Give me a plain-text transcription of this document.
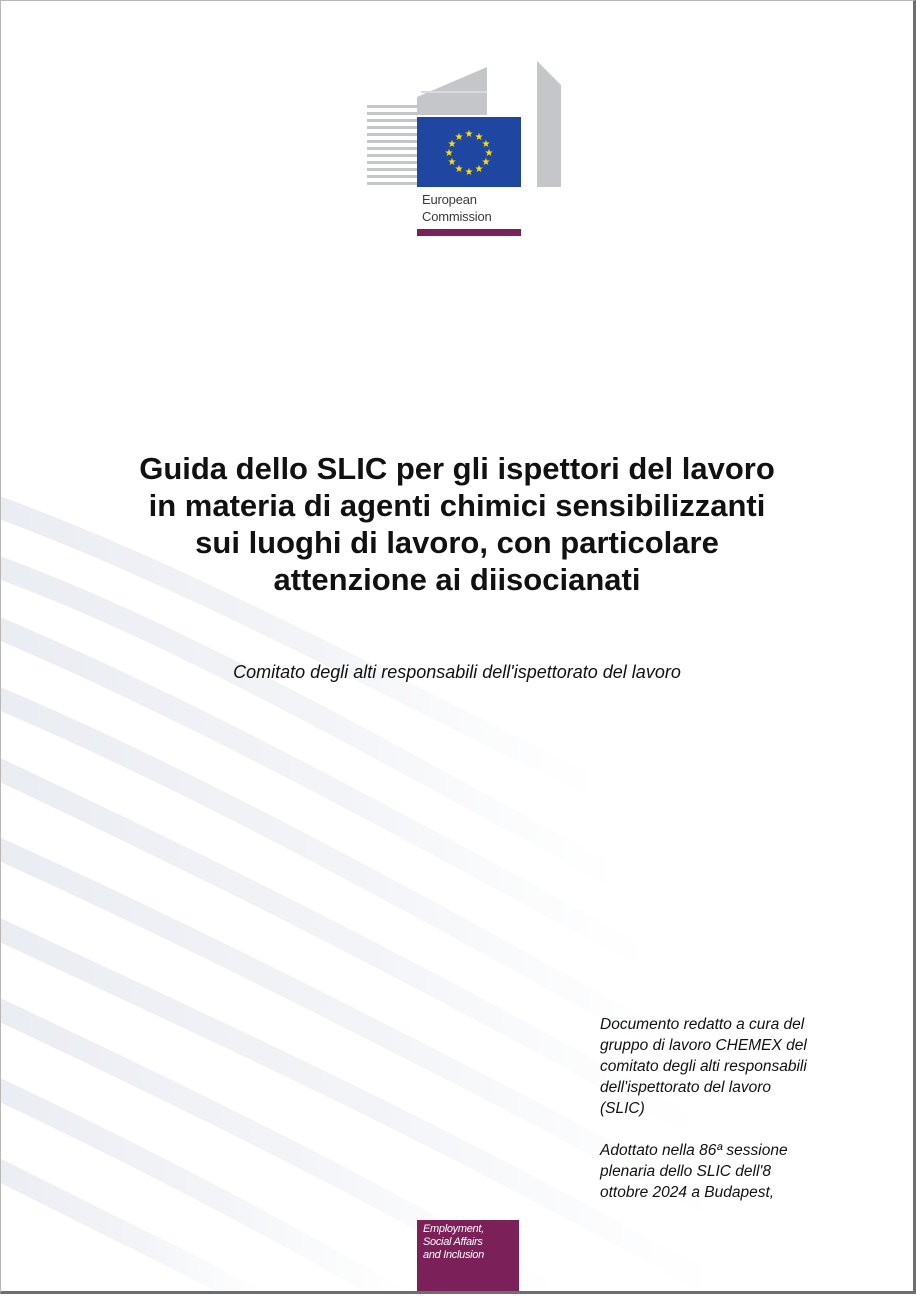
★ ★
★
★
★
★
★
★
★
★
★
★
European
Commission
Guida dello SLIC per gli ispettori del lavoro
in materia di agenti chimici sensibilizzanti
sui luoghi di lavoro, con particolare
attenzione ai diisocianati
Comitato degli alti responsabili dell'ispettorato del lavoro
Documento redatto a cura del
gruppo di lavoro CHEMEX del
comitato degli alti responsabili
dell'ispettorato del lavoro
(SLIC)
Adottato nella 86ª sessione
plenaria dello SLIC dell'8
ottobre 2024 a Budapest,
Employment,
Social Affairs
and Inclusion
